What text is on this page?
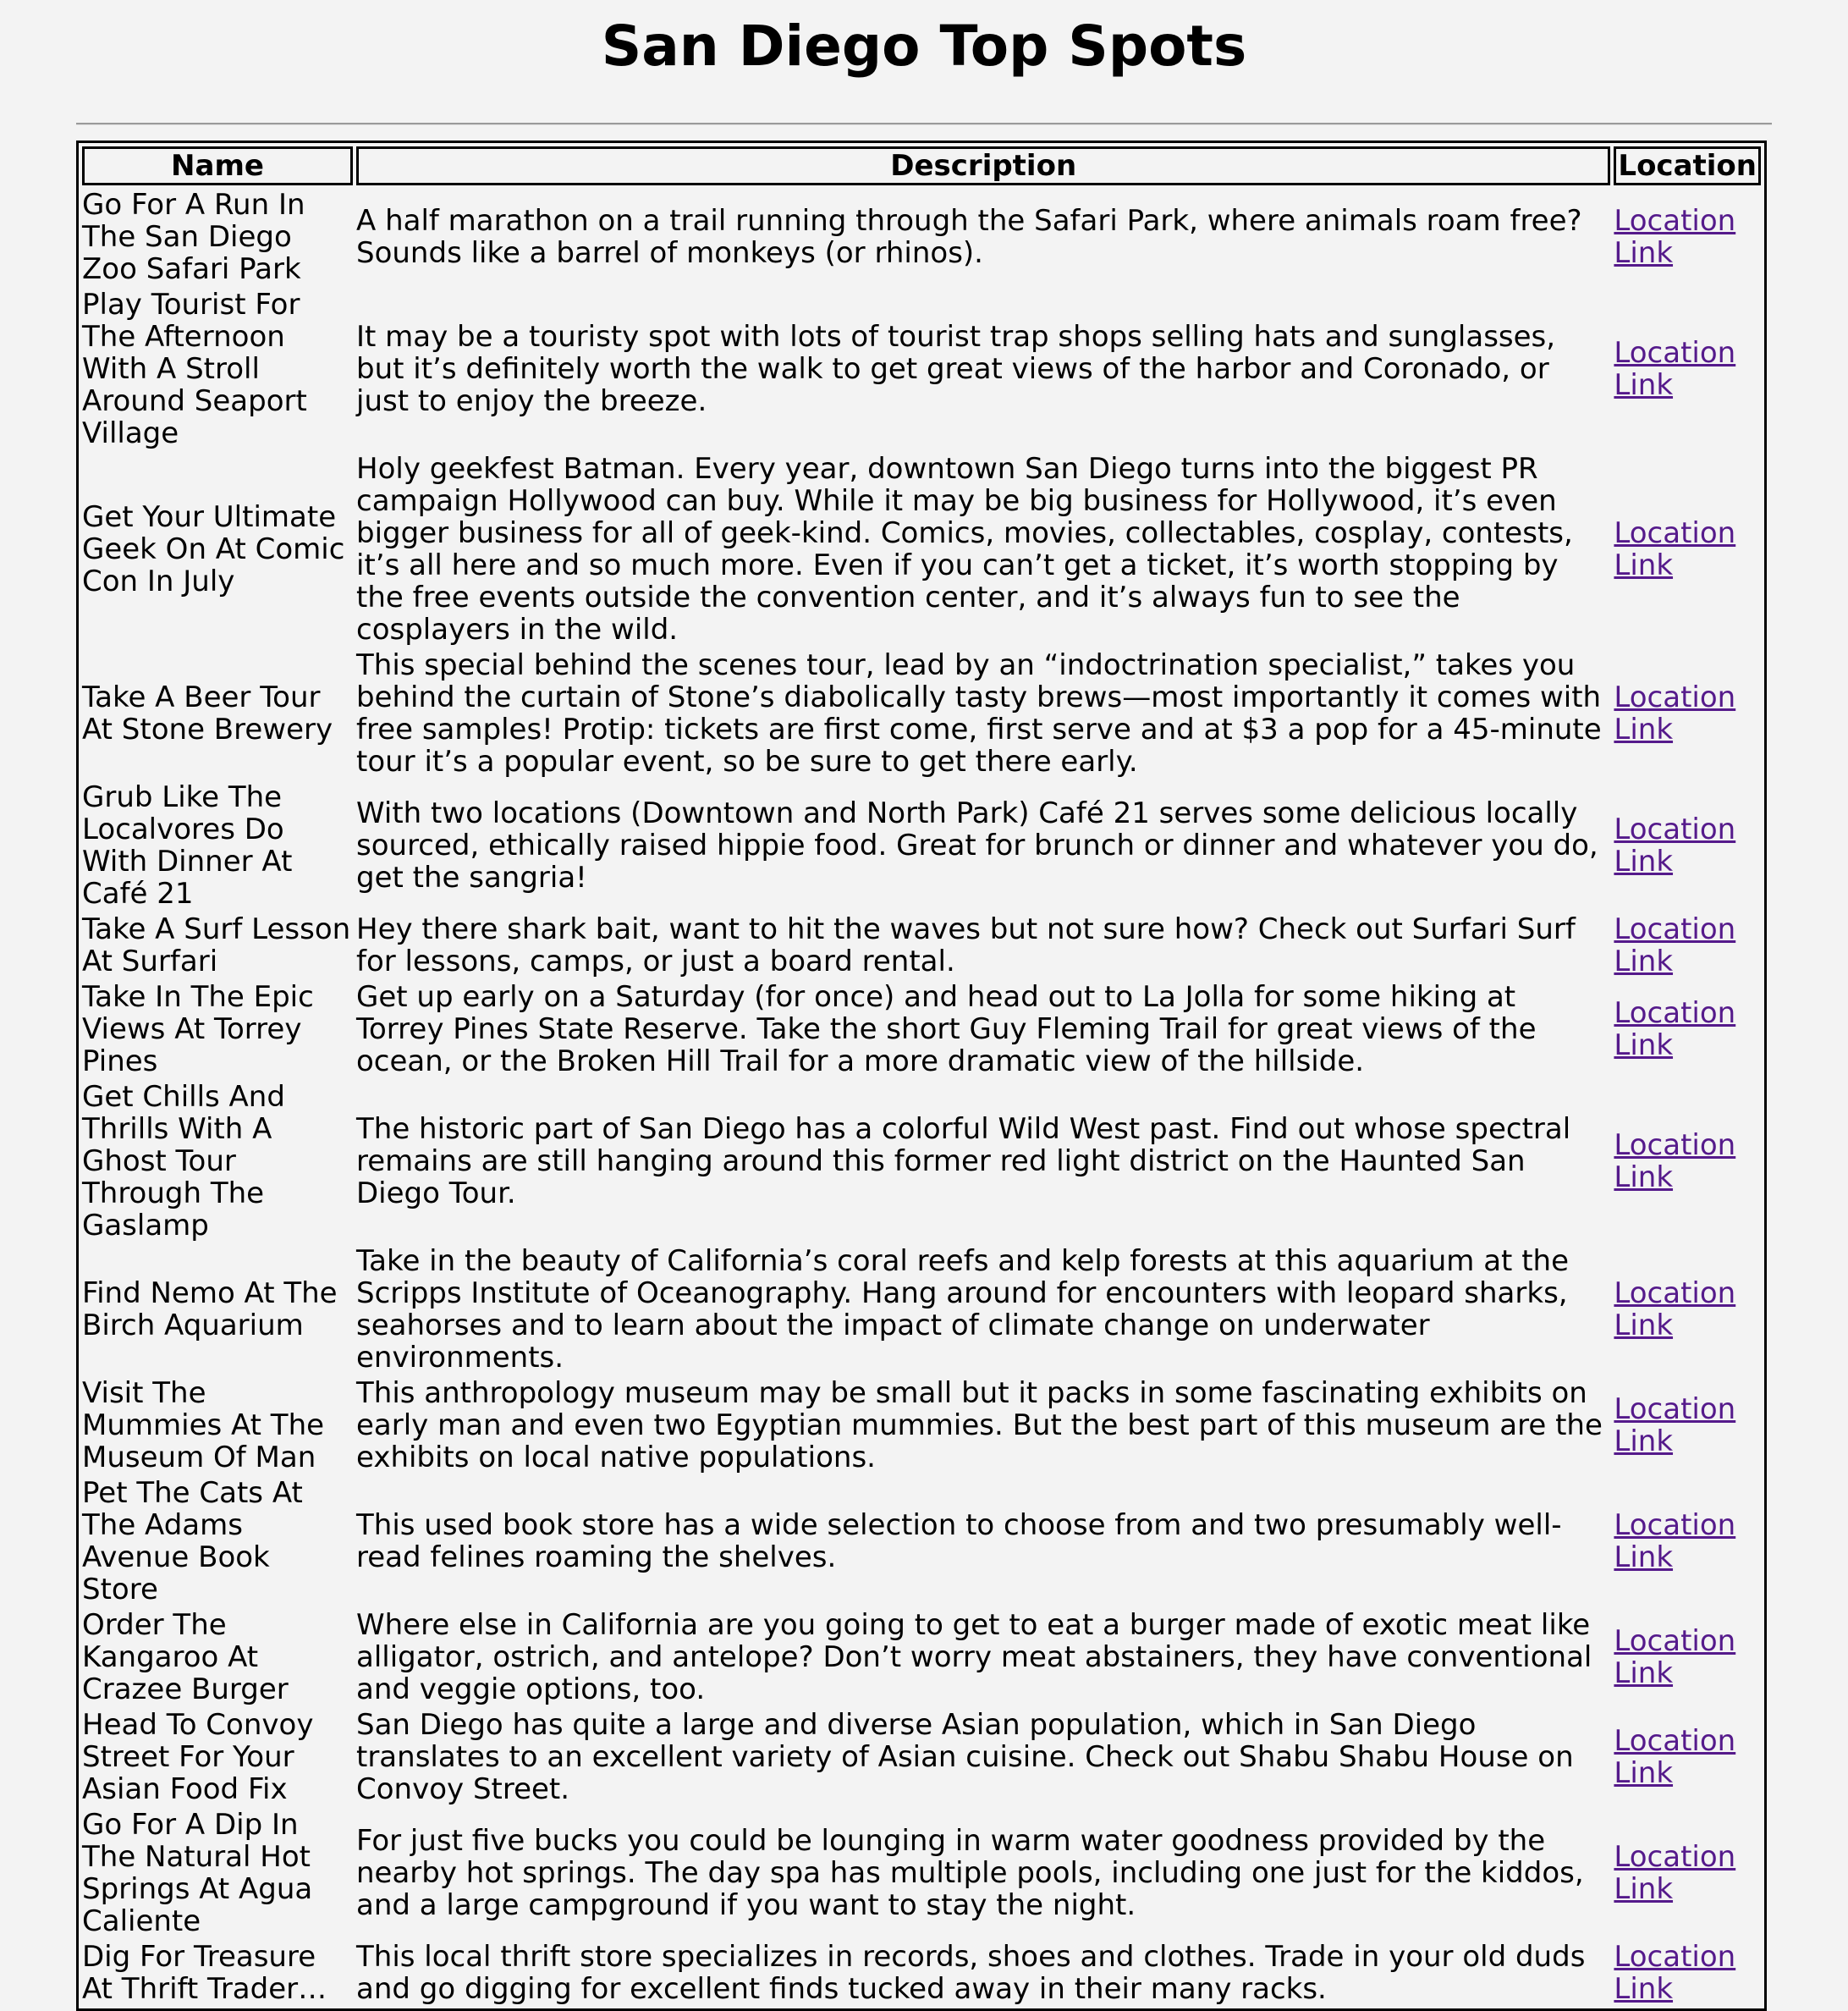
San Diego Top Spots
Name	Description	Location
Go For A Run In The San Diego Zoo Safari Park	A half marathon on a trail running through the Safari Park, where animals roam free? Sounds like a barrel of monkeys (or rhinos).	Location Link
Play Tourist For The Afternoon With A Stroll Around Seaport Village	It may be a touristy spot with lots of tourist trap shops selling hats and sunglasses, but it’s definitely worth the walk to get great views of the harbor and Coronado, or just to enjoy the breeze.	Location Link
Get Your Ultimate Geek On At Comic Con In July	Holy geekfest Batman. Every year, downtown San Diego turns into the biggest PR campaign Hollywood can buy. While it may be big business for Hollywood, it’s even bigger business for all of geek-kind. Comics, movies, collectables, cosplay, contests, it’s all here and so much more. Even if you can’t get a ticket, it’s worth stopping by the free events outside the convention center, and it’s always fun to see the cosplayers in the wild.	Location Link
Take A Beer Tour At Stone Brewery	This special behind the scenes tour, lead by an “indoctrination specialist,” takes you behind the curtain of Stone’s diabolically tasty brews—most importantly it comes with free samples! Protip: tickets are first come, first serve and at $3 a pop for a 45-minute tour it’s a popular event, so be sure to get there early.	Location Link
Grub Like The Localvores Do With Dinner At Café 21	With two locations (Downtown and North Park) Café 21 serves some delicious locally sourced, ethically raised hippie food. Great for brunch or dinner and whatever you do, get the sangria!	Location Link
Take A Surf Lesson At Surfari	Hey there shark bait, want to hit the waves but not sure how? Check out Surfari Surf for lessons, camps, or just a board rental.	Location Link
Take In The Epic Views At Torrey Pines	Get up early on a Saturday (for once) and head out to La Jolla for some hiking at Torrey Pines State Reserve. Take the short Guy Fleming Trail for great views of the ocean, or the Broken Hill Trail for a more dramatic view of the hillside.	Location Link
Get Chills And Thrills With A Ghost Tour Through The Gaslamp	The historic part of San Diego has a colorful Wild West past. Find out whose spectral remains are still hanging around this former red light district on the Haunted San Diego Tour.	Location Link
Find Nemo At The Birch Aquarium	Take in the beauty of California’s coral reefs and kelp forests at this aquarium at the Scripps Institute of Oceanography. Hang around for encounters with leopard sharks, seahorses and to learn about the impact of climate change on underwater environments.	Location Link
Visit The Mummies At The Museum Of Man	This anthropology museum may be small but it packs in some fascinating exhibits on early man and even two Egyptian mummies. But the best part of this museum are the exhibits on local native populations.	Location Link
Pet The Cats At The Adams Avenue Book Store	This used book store has a wide selection to choose from and two presumably well-read felines roaming the shelves.	Location Link
Order The Kangaroo At Crazee Burger	Where else in California are you going to get to eat a burger made of exotic meat like alligator, ostrich, and antelope? Don’t worry meat abstainers, they have conventional and veggie options, too.	Location Link
Head To Convoy Street For Your Asian Food Fix	San Diego has quite a large and diverse Asian population, which in San Diego translates to an excellent variety of Asian cuisine. Check out Shabu Shabu House on Convoy Street.	Location Link
Go For A Dip In The Natural Hot Springs At Agua Caliente	For just five bucks you could be lounging in warm water goodness provided by the nearby hot springs. The day spa has multiple pools, including one just for the kiddos, and a large campground if you want to stay the night.	Location Link
Dig For Treasure At Thrift Trader…	This local thrift store specializes in records, shoes and clothes. Trade in your old duds and go digging for excellent finds tucked away in their many racks.	Location Link
